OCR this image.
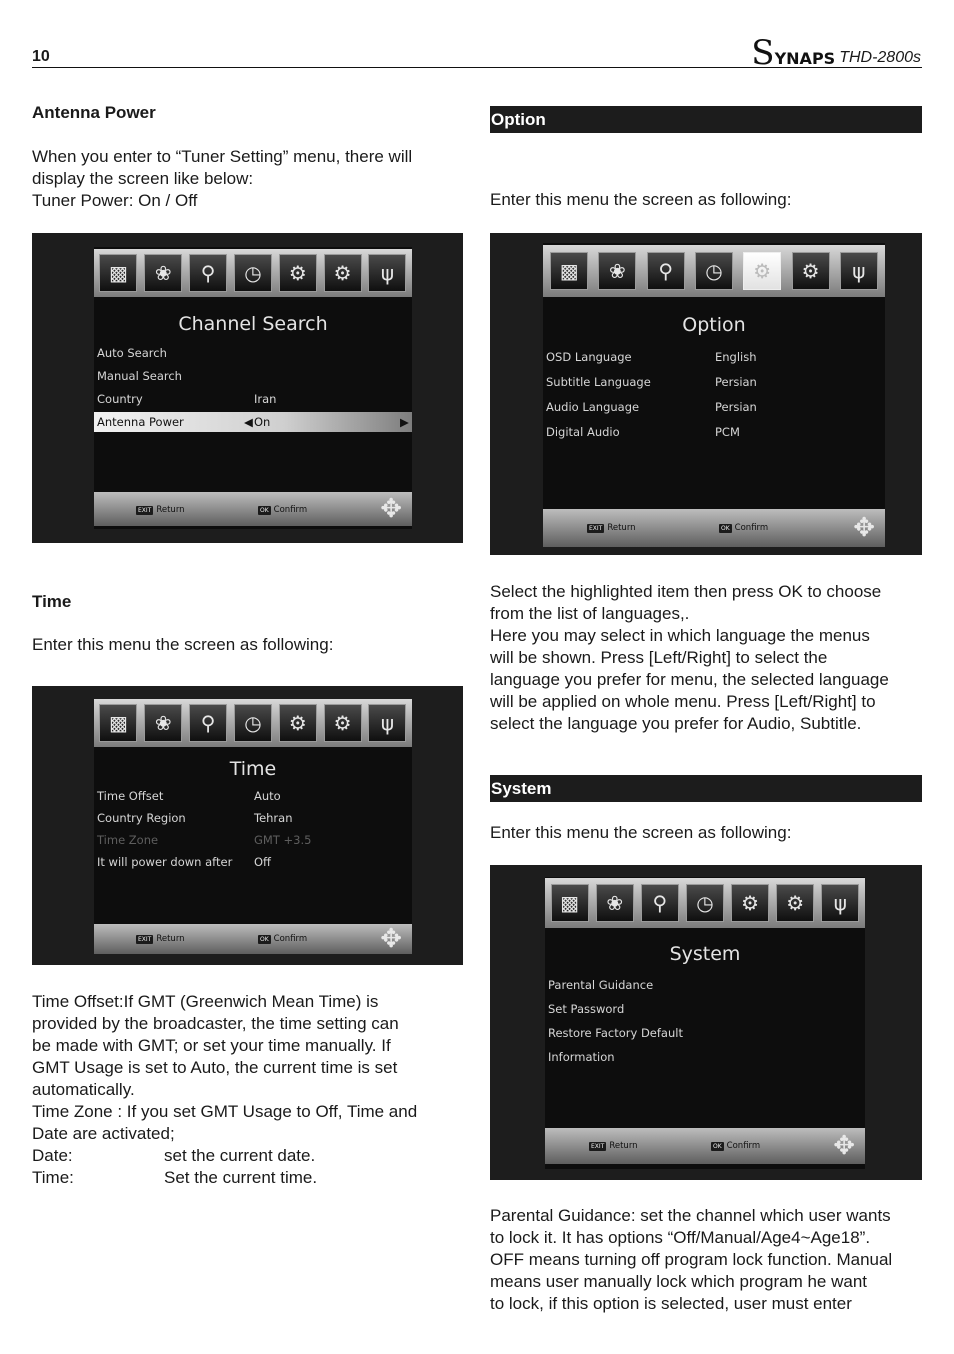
10	SYNAPS THD-2800s
Antenna Power

When you enter to “Tuner Setting” menu, there will

display the screen like below:

Tuner Power: On / Off

▩	❀	⚲	◷	⚙	⚙	ψ
Channel Search
Auto Search
Manual Search
Country	Iran
Antenna Power	◀ On	▶
EXIT Return	OK Confirm	✥
Time
Enter this menu the screen as following:
▩	❀	⚲	◷	⚙	⚙	ψ
Time
Time Offset	Auto
Country Region	Tehran
Time Zone	GMT +3.5
It will power down after Off
EXIT Return	OK Confirm	✥

Time Offset:If GMT (Greenwich Mean Time) is

provided by the broadcaster, the time setting can

be made with GMT; or set your time manually. If

GMT Usage is set to Auto, the current time is set

automatically.

Time Zone : If you set GMT Usage to Off, Time and

Date are activated;

Date:	set the current date.

Time:	Set the current time.

Option
Enter this menu the screen as following:
▩	❀	⚲	◷	⚙	⚙	ψ
Option
OSD Language	English
Subtitle Language	Persian
Audio Language	Persian
Digital Audio	PCM
EXIT Return	OK Confirm	✥

Select the highlighted item then press OK to choose

from the list of languages,.

Here you may select in which language the menus

will be shown. Press [Left/Right] to select the

language you prefer for menu, the selected language

will be applied on whole menu. Press [Left/Right] to

select the language you prefer for Audio, Subtitle.

System
Enter this menu the screen as following:
▩	❀	⚲	◷	⚙	⚙	ψ
System
Parental Guidance
Set Password
Restore Factory Default
Information
EXIT Return	OK Confirm	✥

Parental Guidance: set the channel which user wants

to lock it. It has options “Off/Manual/Age4~Age18”.

OFF means turning off program lock function. Manual

means user manually lock which program he want

to lock, if this option is selected, user must enter
